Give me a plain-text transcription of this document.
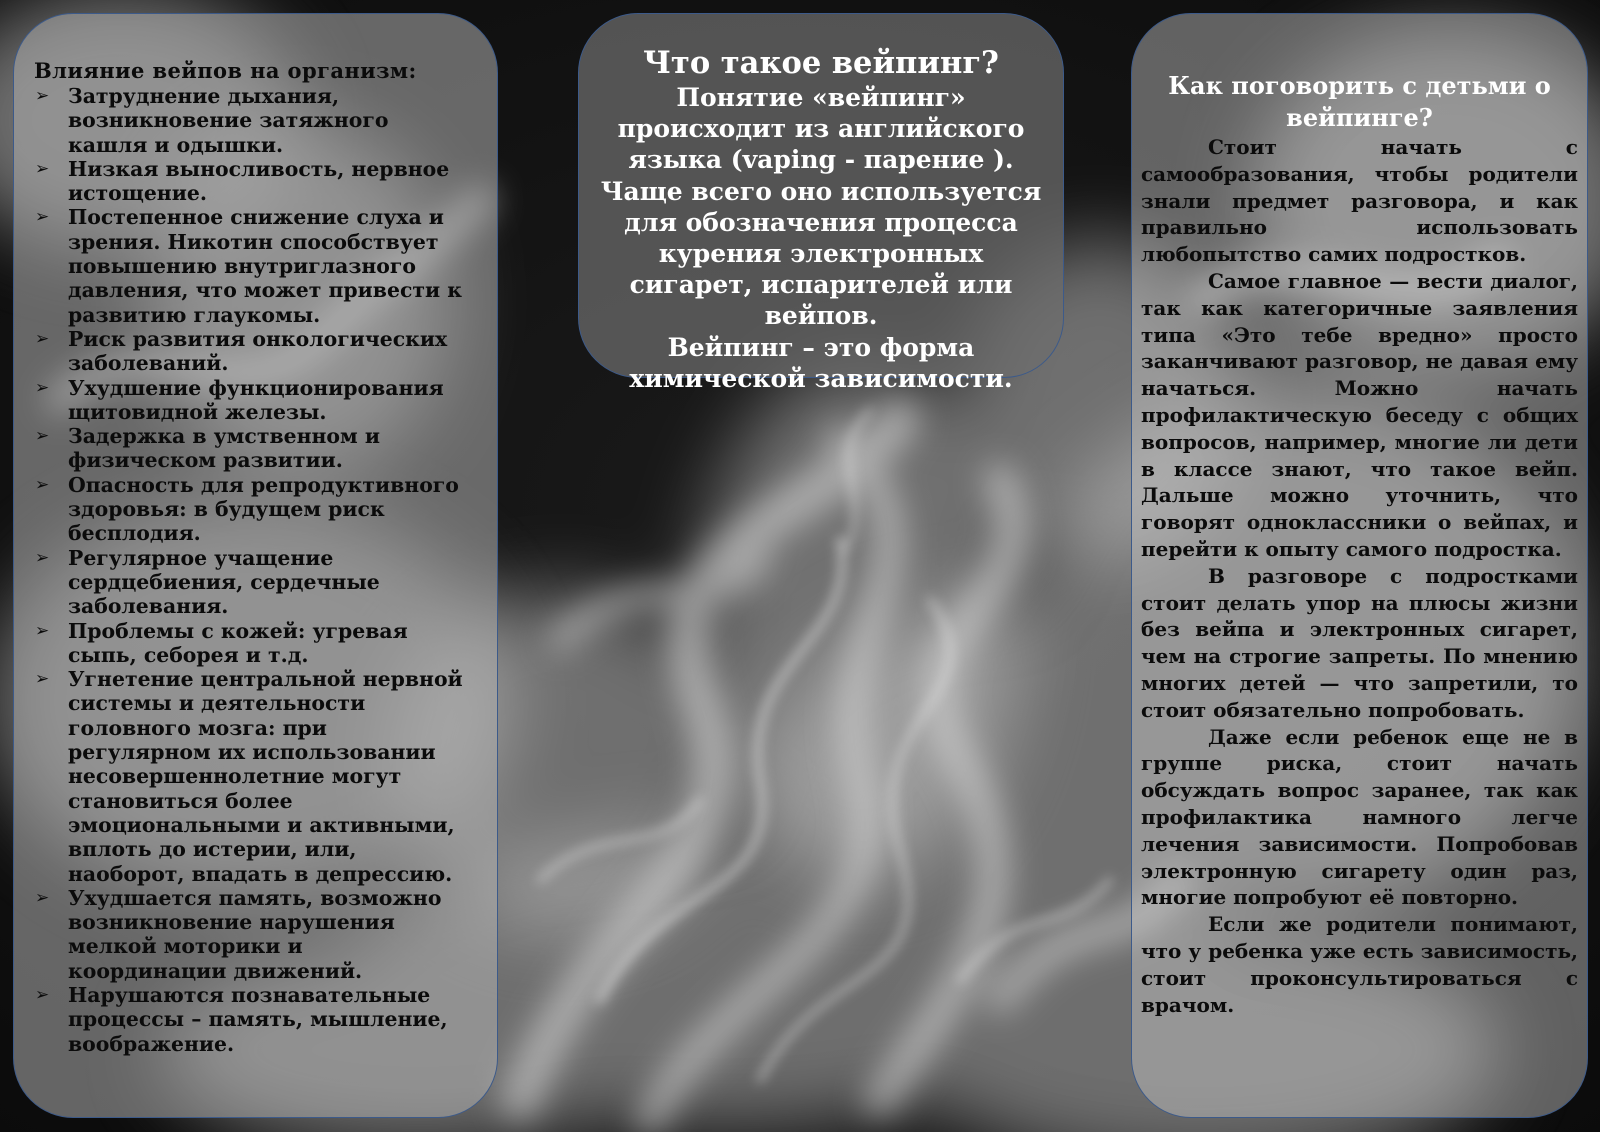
Влияние вейпов на организм:
➢ Затруднение дыхания, возникновение затяжного кашля и одышки.
➢ Низкая выносливость, нервное истощение.
➢ Постепенное снижение слуха и зрения. Никотин способствует повышению внутриглазного давления, что может привести к развитию глаукомы.
➢ Риск развития онкологических заболеваний.
➢ Ухудшение функционирования щитовидной железы.
➢ Задержка в умственном и физическом развитии.
➢ Опасность для репродуктивного здоровья: в будущем риск бесплодия.
➢ Регулярное учащение сердцебиения, сердечные заболевания.
➢ Проблемы с кожей: угревая сыпь, себорея и т.д.
➢ Угнетение центральной нервной системы и деятельности головного мозга: при регулярном их использовании несовершеннолетние могут становиться более эмоциональными и активными, вплоть до истерии, или, наоборот, впадать в депрессию.
➢ Ухудшается память, возможно возникновение нарушения мелкой моторики и координации движений.
➢ Нарушаются познавательные процессы – память, мышление, воображение.

Что такое вейпинг?

Понятие «вейпинг» происходит из английского языка (vaping - парение ). Чаще всего оно используется для обозначения процесса курения электронных сигарет, испарителей или вейпов.

Вейпинг – это форма химической зависимости.

Как поговорить с детьми о вейпинге?

Стоит начать с самообразования, чтобы родители знали предмет разговора, и как правильно использовать любопытство самих подростков.

Самое главное — вести диалог, так как категоричные заявления типа «Это тебе вредно» просто заканчивают разговор, не давая ему начаться. Можно начать профилактическую беседу с общих вопросов, например, многие ли дети в классе знают, что такое вейп. Дальше можно уточнить, что говорят одноклассники о вейпах, и перейти к опыту самого подростка.

В разговоре с подростками стоит делать упор на плюсы жизни без вейпа и электронных сигарет, чем на строгие запреты. По мнению многих детей — что запретили, то стоит обязательно попробовать.

Даже если ребенок еще не в группе риска, стоит начать обсуждать вопрос заранее, так как профилактика намного легче лечения зависимости. Попробовав электронную сигарету один раз, многие попробуют её повторно.

Если же родители понимают, что у ребенка уже есть зависимость, стоит проконсультироваться с врачом.
